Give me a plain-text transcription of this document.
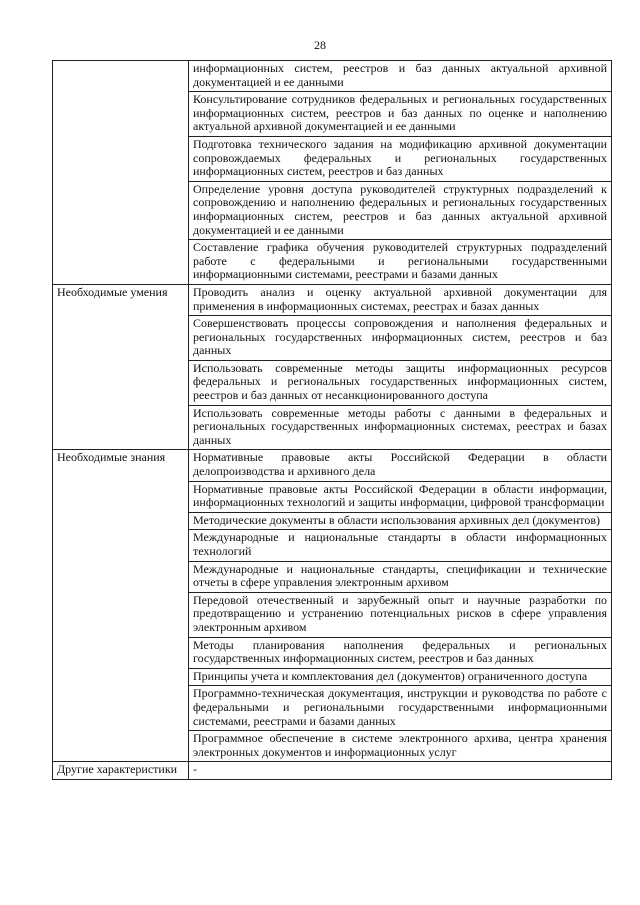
28
	информационных систем, реестров и баз данных актуальной архивной документацией и ее данными
	Консультирование сотрудников федеральных и региональных государственных информационных систем, реестров и баз данных по оценке и наполнению актуальной архивной документацией и ее данными
	Подготовка технического задания на модификацию архивной документации сопровождаемых федеральных и региональных государственных информационных систем, реестров и баз данных
	Определение уровня доступа руководителей структурных подразделений к сопровождению и наполнению федеральных и региональных государственных информационных систем, реестров и баз данных актуальной архивной документацией и ее данными
	Составление графика обучения руководителей структурных подразделений работе с федеральными и региональными государственными информационными системами, реестрами и базами данных
Необходимые умения	Проводить анализ и оценку актуальной архивной документации для применения в информационных системах, реестрах и базах данных
	Совершенствовать процессы сопровождения и наполнения федеральных и региональных государственных информационных систем, реестров и баз данных
	Использовать современные методы защиты информационных ресурсов федеральных и региональных государственных информационных систем, реестров и баз данных от несанкционированного доступа
	Использовать современные методы работы с данными в федеральных и региональных государственных информационных системах, реестрах и базах данных
Необходимые знания	Нормативные правовые акты Российской Федерации в области делопроизводства и архивного дела
	Нормативные правовые акты Российской Федерации в области информации, информационных технологий и защиты информации, цифровой трансформации
	Методические документы в области использования архивных дел (документов)
	Международные и национальные стандарты в области информационных технологий
	Международные и национальные стандарты, спецификации и технические отчеты в сфере управления электронным архивом
	Передовой отечественный и зарубежный опыт и научные разработки по предотвращению и устранению потенциальных рисков в сфере управления электронным архивом
	Методы планирования наполнения федеральных и региональных государственных информационных систем, реестров и баз данных
	Принципы учета и комплектования дел (документов) ограниченного доступа
	Программно-техническая документация, инструкции и руководства по работе с федеральными и региональными государственными информационными системами, реестрами и базами данных
	Программное обеспечение в системе электронного архива, центра хранения электронных документов и информационных услуг
Другие характеристики	-
